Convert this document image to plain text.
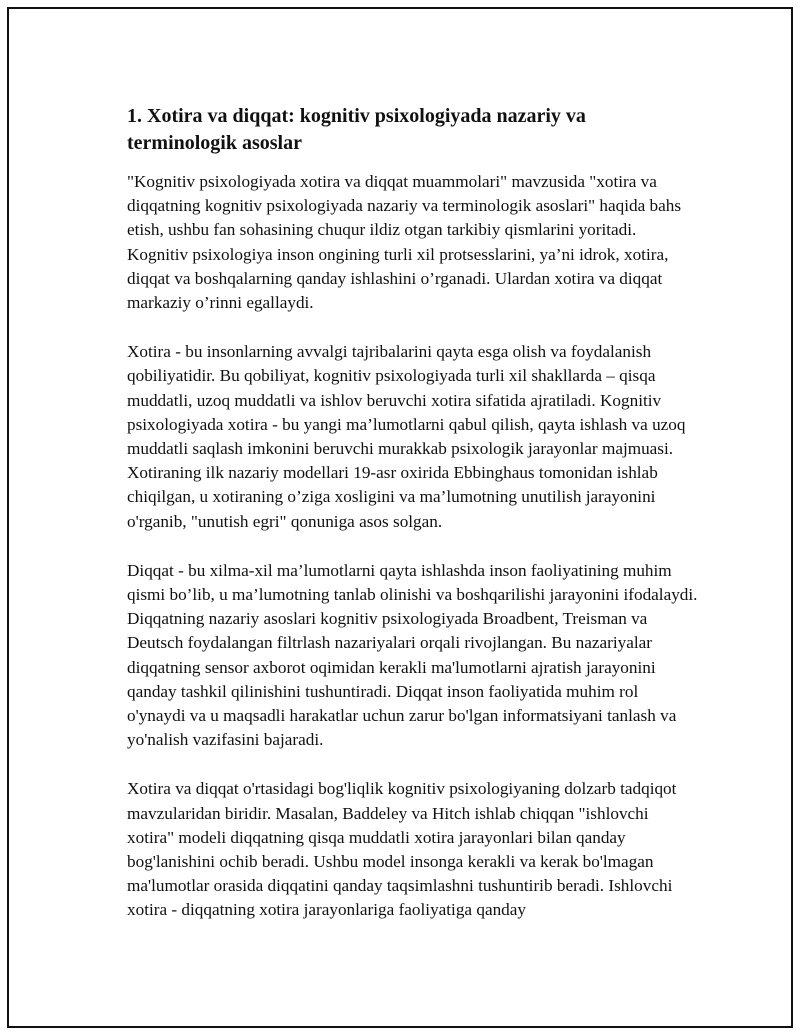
1. Xotira va diqqat: kognitiv psixologiyada nazariy va terminologik asoslar

"Kognitiv psixologiyada xotira va diqqat muammolari" mavzusida "xotira va diqqatning kognitiv psixologiyada nazariy va terminologik asoslari" haqida bahs etish, ushbu fan sohasining chuqur ildiz otgan tarkibiy qismlarini yoritadi. Kognitiv psixologiya inson ongining turli xil protsesslarini, ya’ni idrok, xotira, diqqat va boshqalarning qanday ishlashini o’rganadi. Ulardan xotira va diqqat markaziy o’rinni egallaydi.

Xotira - bu insonlarning avvalgi tajribalarini qayta esga olish va foydalanish qobiliyatidir. Bu qobiliyat, kognitiv psixologiyada turli xil shakllarda – qisqa muddatli, uzoq muddatli va ishlov beruvchi xotira sifatida ajratiladi. Kognitiv psixologiyada xotira - bu yangi ma’lumotlarni qabul qilish, qayta ishlash va uzoq muddatli saqlash imkonini beruvchi murakkab psixologik jarayonlar majmuasi. Xotiraning ilk nazariy modellari 19-asr oxirida Ebbinghaus tomonidan ishlab chiqilgan, u xotiraning o’ziga xosligini va ma’lumotning unutilish jarayonini o'rganib, "unutish egri" qonuniga asos solgan.

Diqqat - bu xilma-xil ma’lumotlarni qayta ishlashda inson faoliyatining muhim qismi bo’lib, u ma’lumotning tanlab olinishi va boshqarilishi jarayonini ifodalaydi. Diqqatning nazariy asoslari kognitiv psixologiyada Broadbent, Treisman va Deutsch foydalangan filtrlash nazariyalari orqali rivojlangan. Bu nazariyalar diqqatning sensor axborot oqimidan kerakli ma'lumotlarni ajratish jarayonini qanday tashkil qilinishini tushuntiradi. Diqqat inson faoliyatida muhim rol o'ynaydi va u maqsadli harakatlar uchun zarur bo'lgan informatsiyani tanlash va yo'nalish vazifasini bajaradi.

Xotira va diqqat o'rtasidagi bog'liqlik kognitiv psixologiyaning dolzarb tadqiqot mavzularidan biridir. Masalan, Baddeley va Hitch ishlab chiqqan "ishlovchi xotira" modeli diqqatning qisqa muddatli xotira jarayonlari bilan qanday bog'lanishini ochib beradi. Ushbu model insonga kerakli va kerak bo'lmagan ma'lumotlar orasida diqqatini qanday taqsimlashni tushuntirib beradi. Ishlovchi xotira - diqqatning xotira jarayonlariga faoliyatiga qanday
